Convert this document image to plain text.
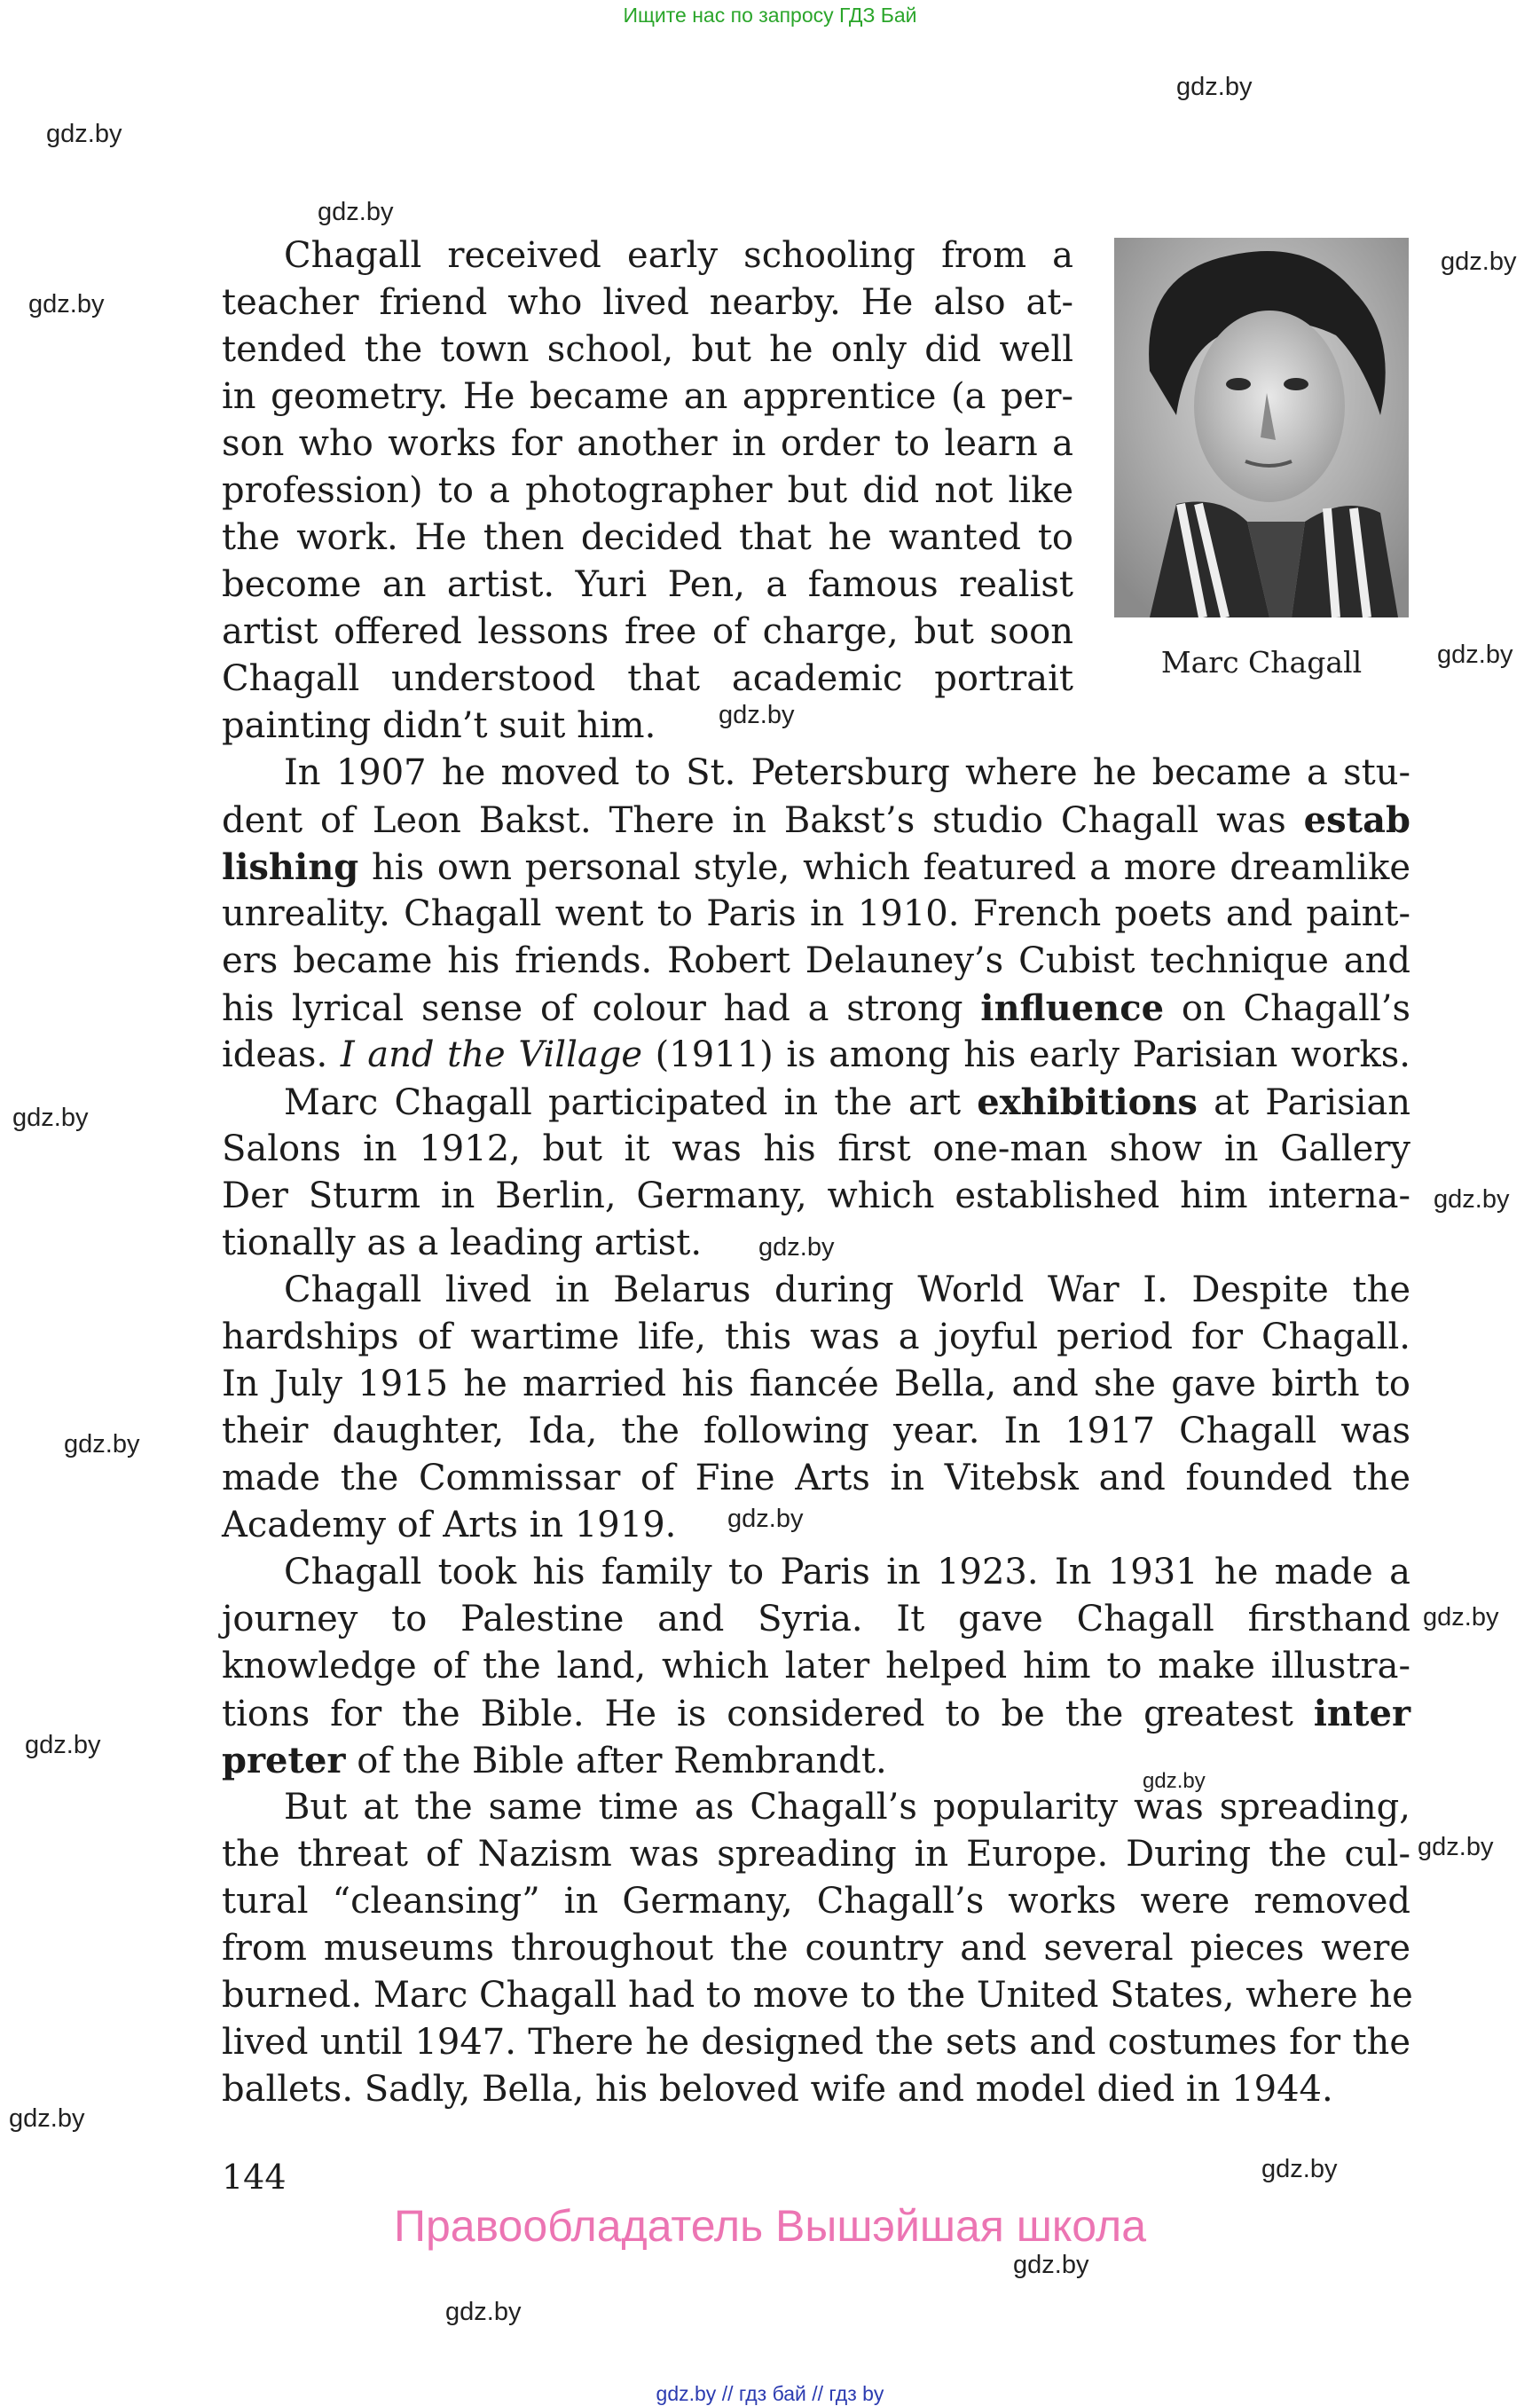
Ищите нас по запросу ГДЗ Бай
gdz.by
gdz.by
gdz.by
gdz.by
gdz.by
gdz.by
gdz.by
gdz.by
gdz.by
gdz.by
gdz.by
gdz.by
gdz.by
gdz.by
gdz.by
gdz.by
gdz.by
gdz.by
gdz.by
gdz.by
Marc Chagall
Chagall received early schooling from a
teacher friend who lived nearby. He also at-
tended the town school, but he only did well
in geometry. He became an apprentice (a per-
son who works for another in order to learn a
profession) to a photographer but did not like
the work. He then decided that he wanted to
become an artist. Yuri Pen, a famous realist
artist offered lessons free of charge, but soon
Chagall understood that academic portrait
painting didn’t suit him.
In 1907 he moved to St. Petersburg where he became a stu-
dent of Leon Bakst. There in Bakst’s studio Chagall was estab
lishing his own personal style, which featured a more dreamlike
unreality. Chagall went to Paris in 1910. French poets and paint-
ers became his friends. Robert Delauney’s Cubist technique and
his lyrical sense of colour had a strong influence on Chagall’s
ideas. I and the Village (1911) is among his early Parisian works.
Marc Chagall participated in the art exhibitions at Parisian
Salons in 1912, but it was his first one-man show in Gallery
Der Sturm in Berlin, Germany, which established him interna-
tionally as a leading artist.
Chagall lived in Belarus during World War I. Despite the
hardships of wartime life, this was a joyful period for Chagall.
In July 1915 he married his fiancée Bella, and she gave birth to
their daughter, Ida, the following year. In 1917 Chagall was
made the Commissar of Fine Arts in Vitebsk and founded the
Academy of Arts in 1919.
Chagall took his family to Paris in 1923. In 1931 he made a
journey to Palestine and Syria. It gave Chagall firsthand
knowledge of the land, which later helped him to make illustra-
tions for the Bible. He is considered to be the greatest inter
preter of the Bible after Rembrandt.
But at the same time as Chagall’s popularity was spreading,
the threat of Nazism was spreading in Europe. During the cul-
tural “cleansing” in Germany, Chagall’s works were removed
from museums throughout the country and several pieces were
burned. Marc Chagall had to move to the United States, where he
lived until 1947. There he designed the sets and costumes for the
ballets. Sadly, Bella, his beloved wife and model died in 1944.
144
Правообладатель Вышэйшая школа
gdz.by // гдз бай // гдз by
